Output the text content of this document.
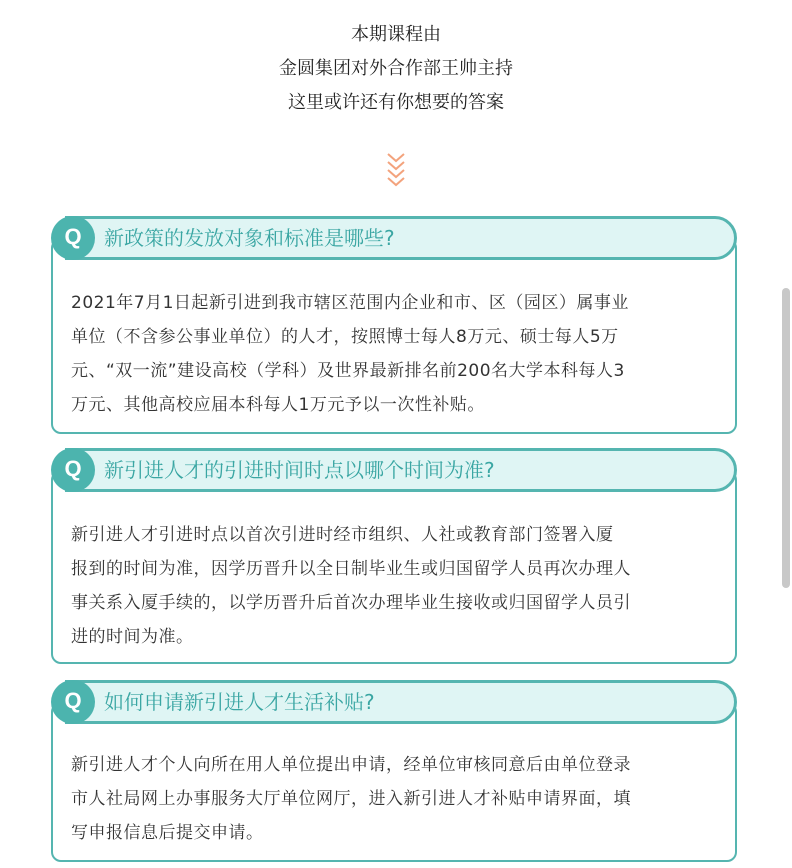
本期课程由
金圆集团对外合作部王帅主持
这里或许还有你想要的答案
2021年7月1日起新引进到我市辖区范围内企业和市、区（园区）属事业
单位（不含参公事业单位）的人才，按照博士每人8万元、硕士每人5万
元、“双一流”建设高校（学科）及世界最新排名前200名大学本科每人3
万元、其他高校应届本科每人1万元予以一次性补贴。
新政策的发放对象和标准是哪些?
Q
新引进人才引进时点以首次引进时经市组织、人社或教育部门签署入厦
报到的时间为准，因学历晋升以全日制毕业生或归国留学人员再次办理人
事关系入厦手续的，以学历晋升后首次办理毕业生接收或归国留学人员引
进的时间为准。
新引进人才的引进时间时点以哪个时间为准?
Q
新引进人才个人向所在用人单位提出申请，经单位审核同意后由单位登录
市人社局网上办事服务大厅单位网厅，进入新引进人才补贴申请界面，填
写申报信息后提交申请。
如何申请新引进人才生活补贴?
Q
